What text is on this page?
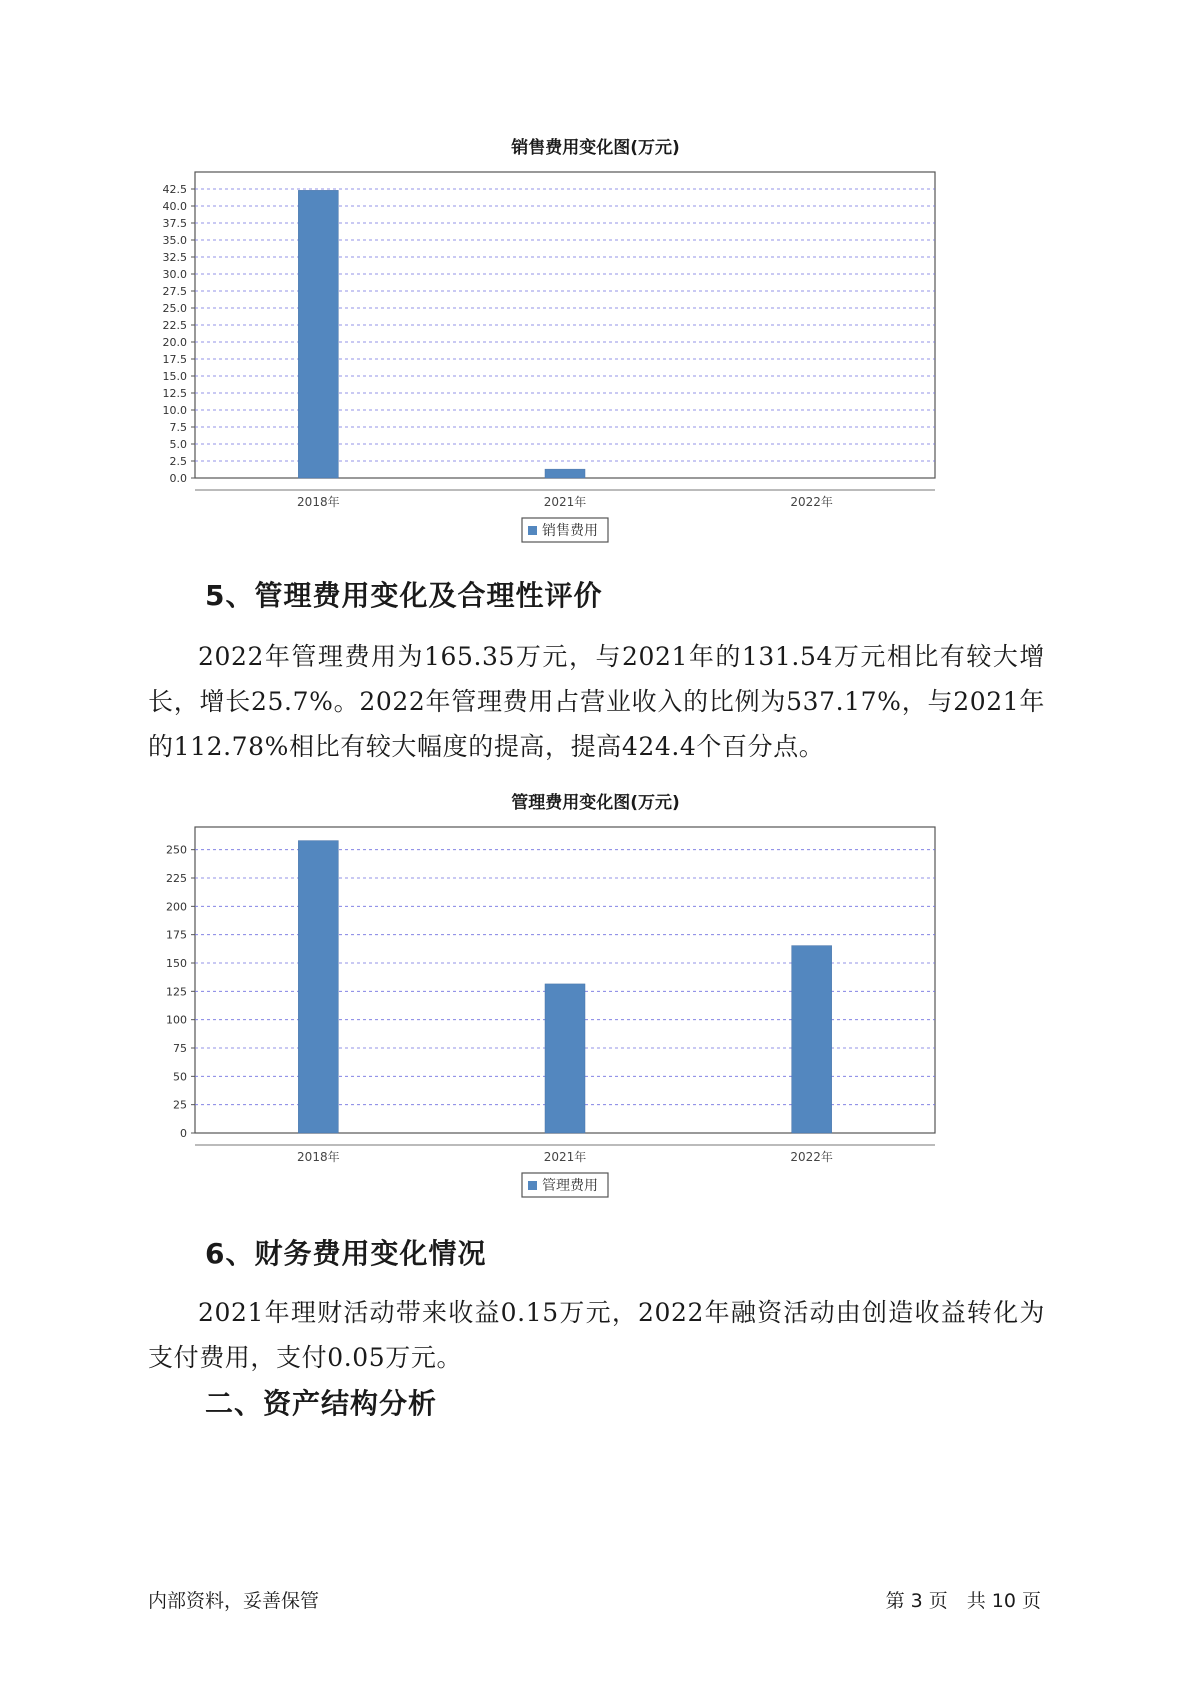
销售费用变化图(万元)
0.0
2.5
5.0
7.5
10.0
12.5
15.0
17.5
20.0
22.5
25.0
27.5
30.0
32.5
35.0
37.5
40.0
42.5
2018年	2021年	2022年
销售费用
5、管理费用变化及合理性评价

2022年管理费用为165.35万元，与2021年的131.54万元相比有较大增长，增长25.7%。2022年管理费用占营业收入的比例为537.17%，与2021年的112.78%相比有较大幅度的提高，提高424.4个百分点。

管理费用变化图(万元)
0
25
50
75
100
125
150
175
200
225
250
2018年	2021年	2022年
管理费用
6、财务费用变化情况

2021年理财活动带来收益0.15万元，2022年融资活动由创造收益转化为支付费用，支付0.05万元。

二、资产结构分析
内部资料，妥善保管	第 3 页　共 10 页
